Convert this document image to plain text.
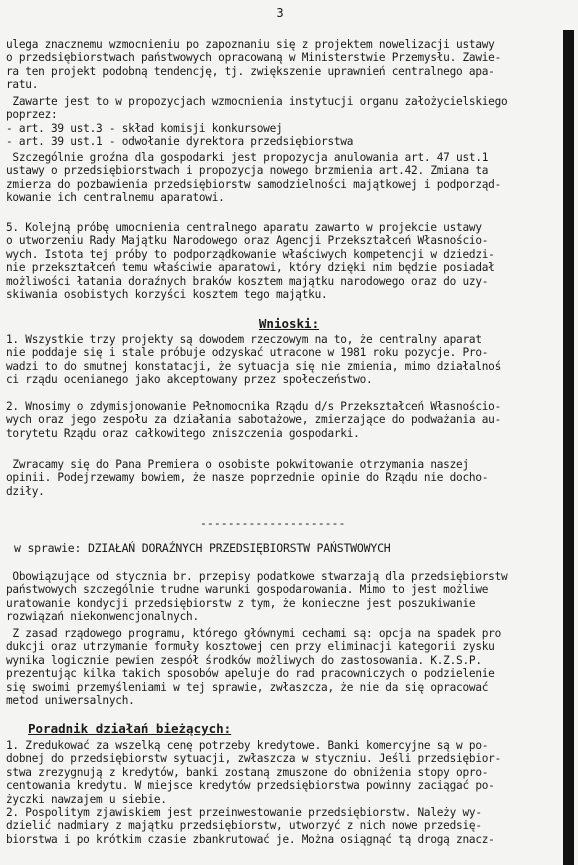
3
ulega znacznemu wzmocnieniu po zapoznaniu się z projektem nowelizacji ustawy
o przedsiębiorstwach państwowych opracowaną w Ministerstwie Przemysłu. Zawie-
ra ten projekt podobną tendencję, tj. zwiększenie uprawnień centralnego apa-
ratu.
Zawarte jest to w propozycjach wzmocnienia instytucji organu założycielskiego
poprzez:
- art. 39 ust.3 - skład komisji konkursowej
- art. 39 ust.1 - odwołanie dyrektora przedsiębiorstwa
Szczególnie groźna dla gospodarki jest propozycja anulowania art. 47 ust.1
ustawy o przedsiębiorstwach i propozycja nowego brzmienia art.42. Zmiana ta
zmierza do pozbawienia przedsiębiorstw samodzielności majątkowej i podporząd-
kowanie ich centralnemu aparatowi.
5. Kolejną próbę umocnienia centralnego aparatu zawarto w projekcie ustawy
o utworzeniu Rady Majątku Narodowego oraz Agencji Przekształceń Własnościo-
wych. Istota tej próby to podporządkowanie właściwych kompetencji w dziedzi-
nie przekształceń temu właściwie aparatowi, który dzięki nim będzie posiadał
możliwości łatania doraźnych braków kosztem majątku narodowego oraz do uzy-
skiwania osobistych korzyści kosztem tego majątku.
Wnioski:
1. Wszystkie trzy projekty są dowodem rzeczowym na to, że centralny aparat
nie poddaje się i stale próbuje odzyskać utracone w 1981 roku pozycje. Pro-
wadzi to do smutnej konstatacji, że sytuacja się nie zmienia, mimo działalnoś
ci rządu ocenianego jako akceptowany przez społeczeństwo.
2. Wnosimy o zdymisjonowanie Pełnomocnika Rządu d/s Przekształceń Własnościo-
wych oraz jego zespołu za działania sabotażowe, zmierzające do podważania au-
torytetu Rządu oraz całkowitego zniszczenia gospodarki.
Zwracamy się do Pana Premiera o osobiste pokwitowanie otrzymania naszej
opinii. Podejrzewamy bowiem, że nasze poprzednie opinie do Rządu nie docho-
dziły.
---------------------
w sprawie: DZIAŁAŃ DORAŹNYCH PRZEDSIĘBIORSTW PAŃSTWOWYCH
Obowiązujące od stycznia br. przepisy podatkowe stwarzają dla przedsiębiorstw
państwowych szczególnie trudne warunki gospodarowania. Mimo to jest możliwe
uratowanie kondycji przedsiębiorstw z tym, że konieczne jest poszukiwanie
rozwiązań niekonwencjonalnych.
Z zasad rządowego programu, którego głównymi cechami są: opcja na spadek pro
dukcji oraz utrzymanie formuły kosztowej cen przy eliminacji kategorii zysku
wynika logicznie pewien zespół środków możliwych do zastosowania. K.Z.S.P.
prezentując kilka takich sposobów apeluje do rad pracowniczych o podzielenie
się swoimi przemyśleniami w tej sprawie, zwłaszcza, że nie da się opracować
metod uniwersalnych.
Poradnik działań bieżących:
1. Zredukować za wszelką cenę potrzeby kredytowe. Banki komercyjne są w po-
dobnej do przedsiębiorstw sytuacji, zwłaszcza w styczniu. Jeśli przedsiębior-
stwa zrezygnują z kredytów, banki zostaną zmuszone do obniżenia stopy opro-
centowania kredytu. W miejsce kredytów przedsiębiorstwa powinny zaciągać po-
życzki nawzajem u siebie.
2. Pospolitym zjawiskiem jest przeinwestowanie przedsiębiorstw. Należy wy-
dzielić nadmiary z majątku przedsiębiorstw, utworzyć z nich nowe przedsię-
biorstwa i po krótkim czasie zbankrutować je. Można osiągnąć tą drogą znacz-
